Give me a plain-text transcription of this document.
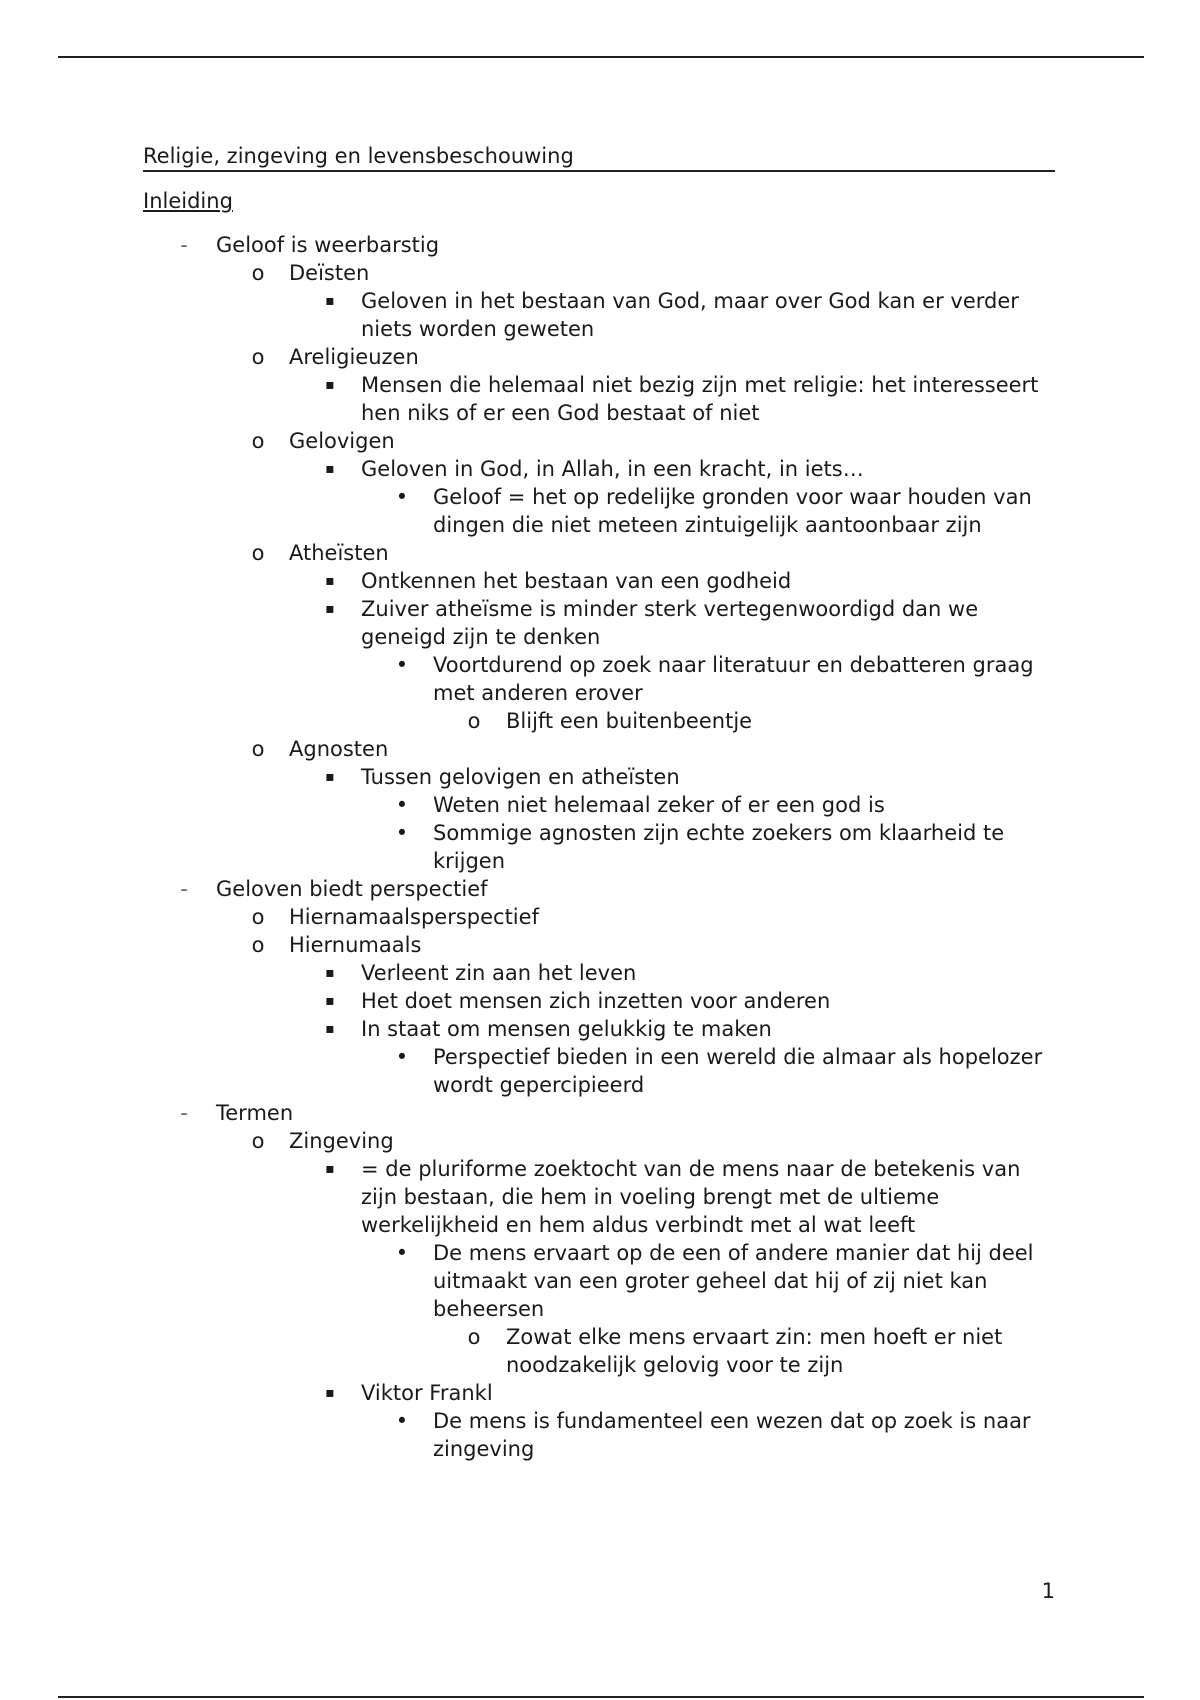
Religie, zingeving en levensbeschouwing
Inleiding
- Geloof is weerbarstig
o Deïsten
▪ Geloven in het bestaan van God, maar over God kan er verder niets worden geweten
o Areligieuzen
▪ Mensen die helemaal niet bezig zijn met religie: het interesseert hen niks of er een God bestaat of niet
o Gelovigen
▪ Geloven in God, in Allah, in een kracht, in iets…
• Geloof = het op redelijke gronden voor waar houden van dingen die niet meteen zintuigelijk aantoonbaar zijn
o Atheïsten
▪ Ontkennen het bestaan van een godheid
▪ Zuiver atheïsme is minder sterk vertegenwoordigd dan we geneigd zijn te denken
• Voortdurend op zoek naar literatuur en debatteren graag met anderen erover
o Blijft een buitenbeentje
o Agnosten
▪ Tussen gelovigen en atheïsten
• Weten niet helemaal zeker of er een god is
• Sommige agnosten zijn echte zoekers om klaarheid te krijgen
- Geloven biedt perspectief
o Hiernamaalsperspectief
o Hiernumaals
▪ Verleent zin aan het leven
▪ Het doet mensen zich inzetten voor anderen
▪ In staat om mensen gelukkig te maken
• Perspectief bieden in een wereld die almaar als hopelozer wordt gepercipieerd
- Termen
o Zingeving
▪ = de pluriforme zoektocht van de mens naar de betekenis van zijn bestaan, die hem in voeling brengt met de ultieme werkelijkheid en hem aldus verbindt met al wat leeft
• De mens ervaart op de een of andere manier dat hij deel uitmaakt van een groter geheel dat hij of zij niet kan beheersen
o Zowat elke mens ervaart zin: men hoeft er niet noodzakelijk gelovig voor te zijn
▪ Viktor Frankl
• De mens is fundamenteel een wezen dat op zoek is naar zingeving
1
